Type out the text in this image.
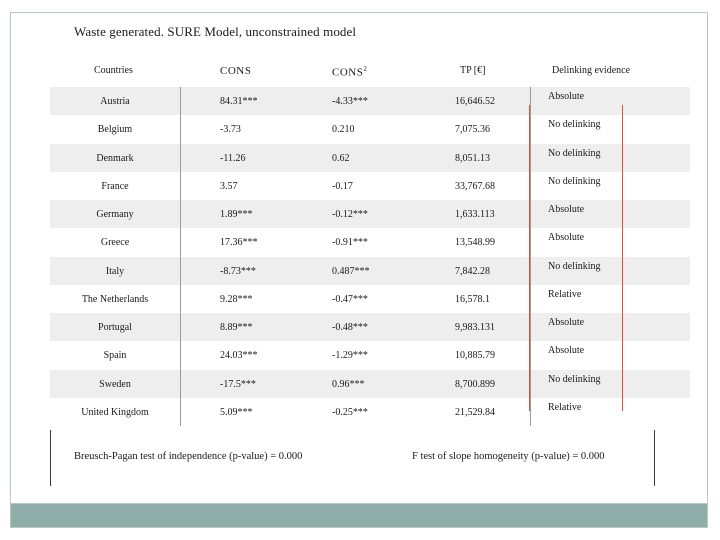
Waste generated. SURE Model, unconstrained model
Countries	CONS	CONS$^2$	TP [€]	Delinking evidence
Austria	84.31***	-4.33***	16,646.52	Absolute
Belgium	-3.73	0.210	7,075.36	No delinking
Denmark	-11.26	0.62	8,051.13	No delinking
France	3.57	-0.17	33,767.68	No delinking
Germany	1.89***	-0.12***	1,633.113	Absolute
Greece	17.36***	-0.91***	13,548.99	Absolute
Italy	-8.73***	0.487***	7,842.28	No delinking
The Netherlands	9.28***	-0.47***	16,578.1	Relative
Portugal	8.89***	-0.48***	9,983.131	Absolute
Spain	24.03***	-1.29***	10,885.79	Absolute
Sweden	-17.5***	0.96***	8,700.899	No delinking
United Kingdom	5.09***	-0.25***	21,529.84	Relative
Breusch-Pagan test of independence (p-value) = 0.000	F test of slope homogeneity (p-value) = 0.000
